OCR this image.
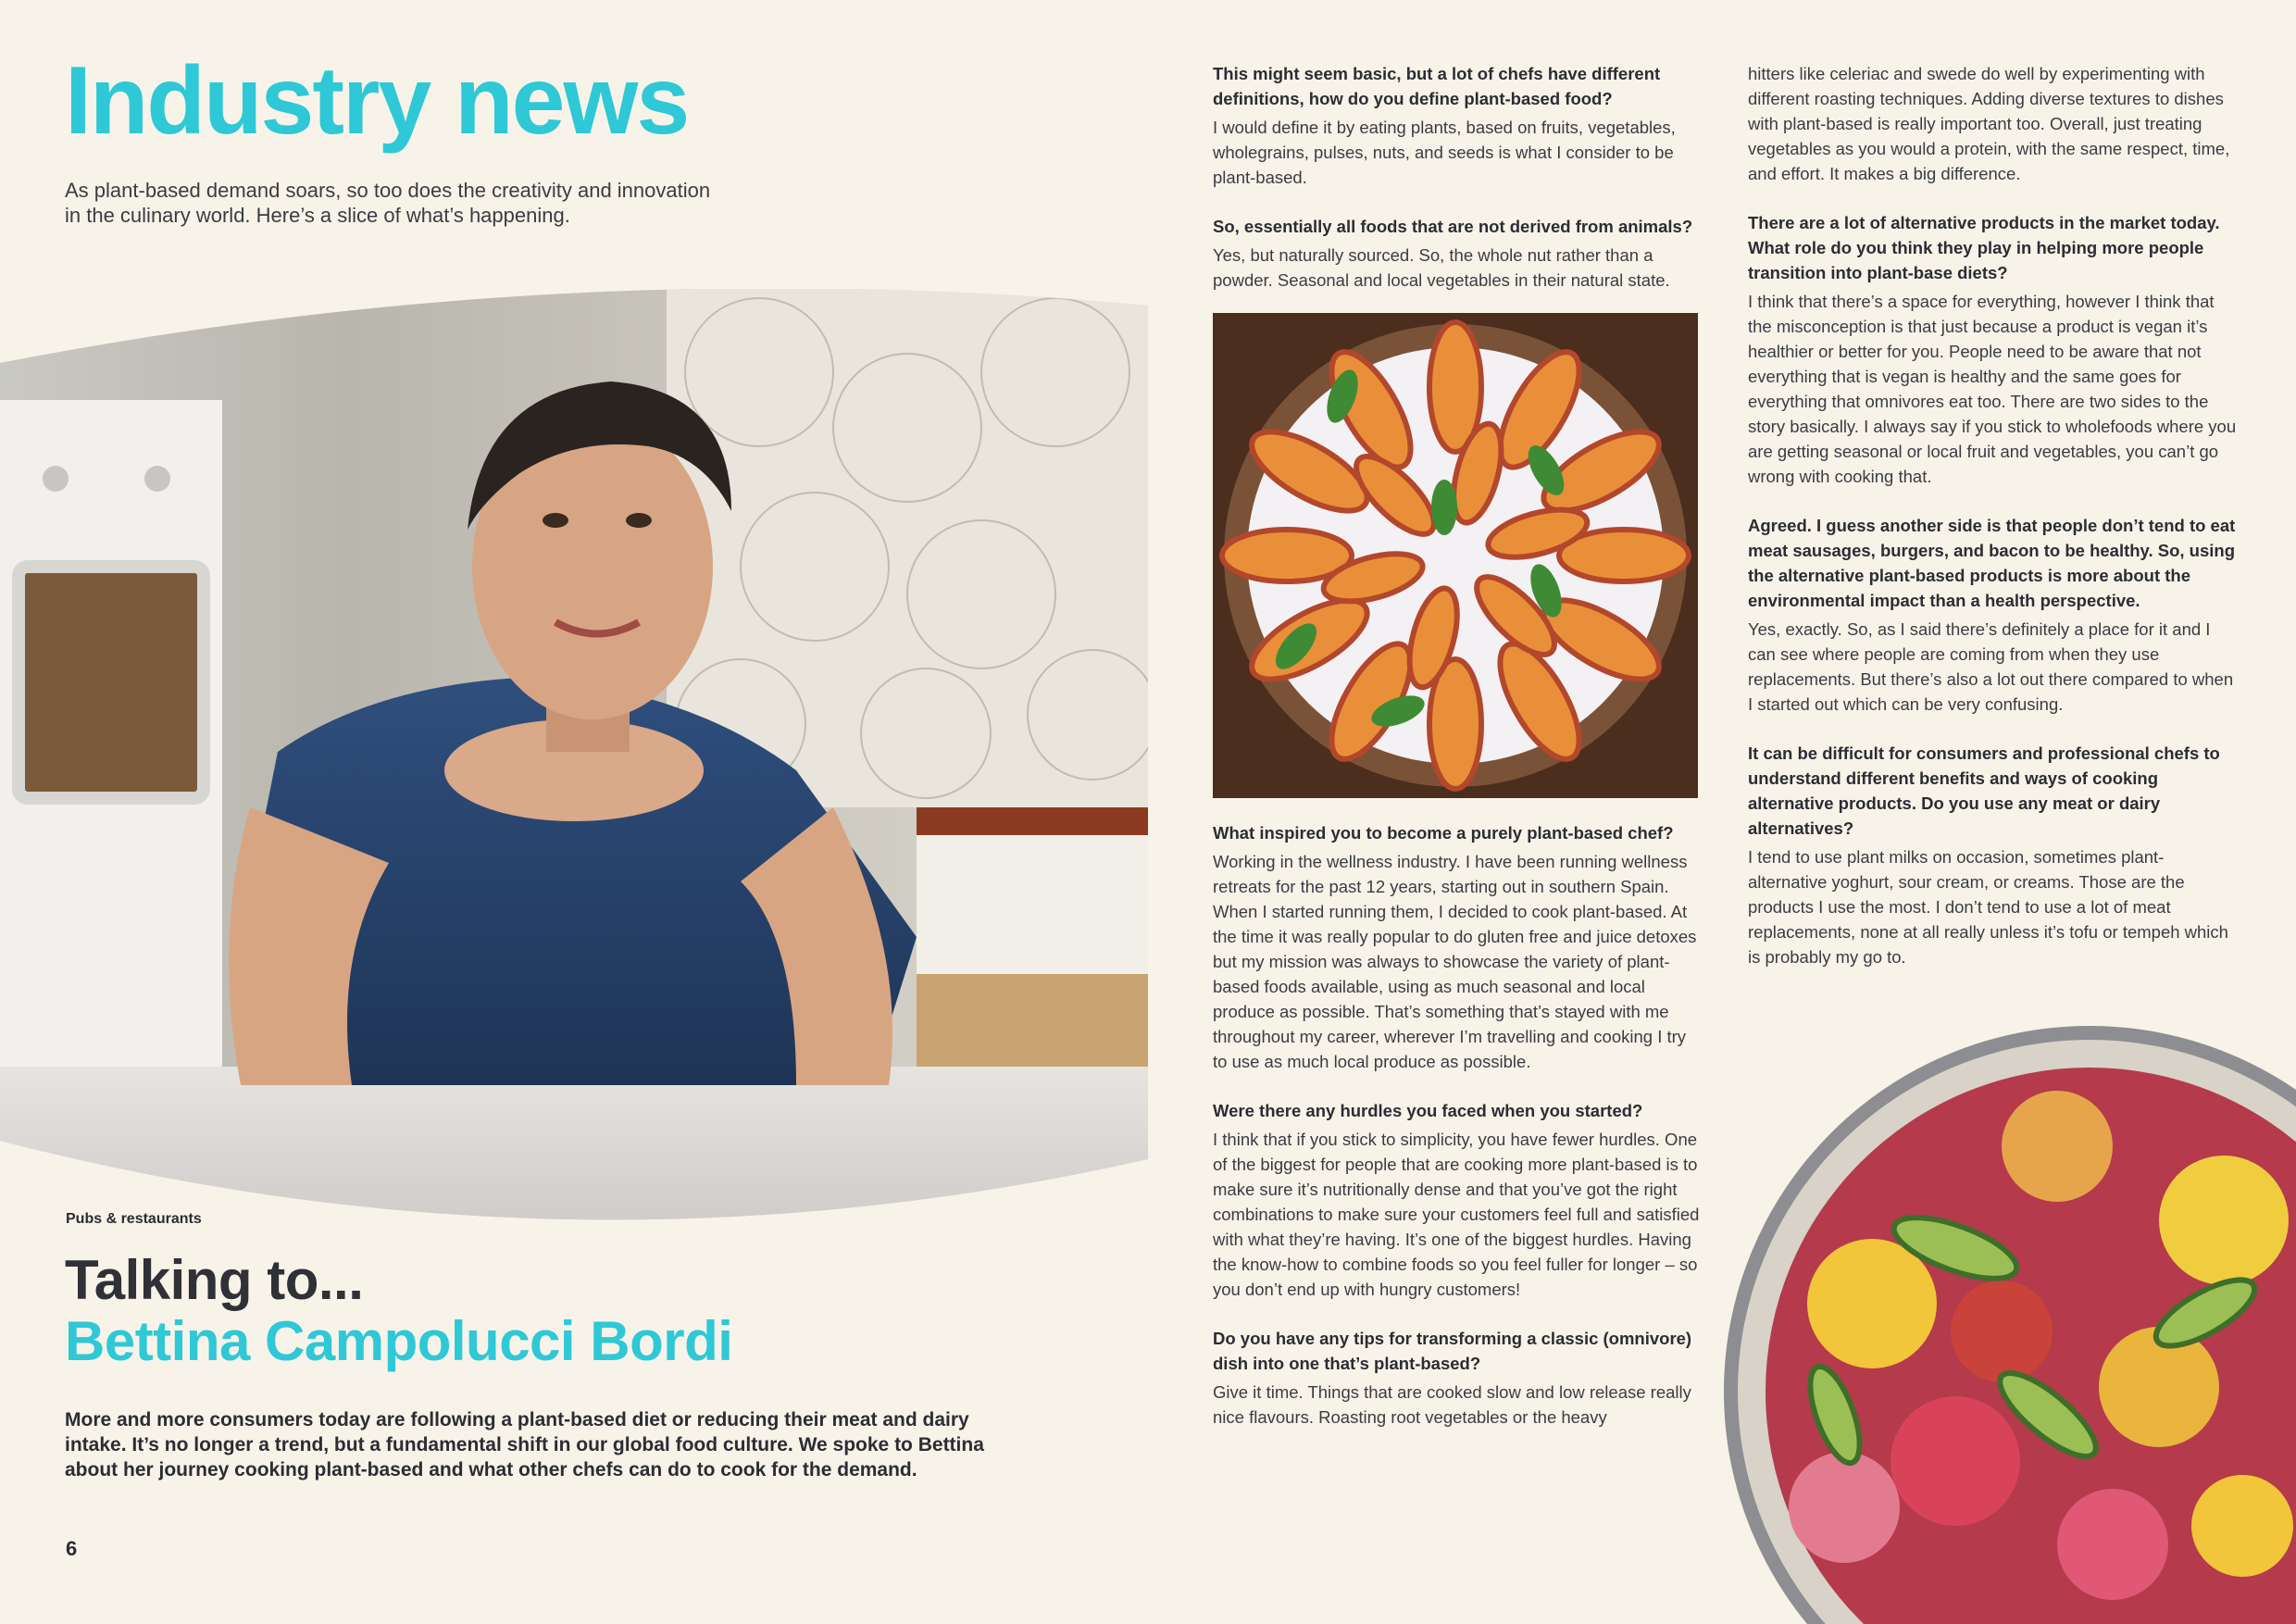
Industry news

As plant-based demand soars, so too does the creativity and innovation in the culinary world. Here’s a slice of what’s happening.

Pubs & restaurants

Talking to...
Bettina Campolucci Bordi

More and more consumers today are following a plant-based diet or reducing their meat and dairy intake. It’s no longer a trend, but a fundamental shift in our global food culture. We spoke to Bettina about her journey cooking plant-based and what other chefs can do to cook for the demand.

6

This might seem basic, but a lot of chefs have different definitions, how do you define plant-based food?

I would define it by eating plants, based on fruits, vegetables, wholegrains, pulses, nuts, and seeds is what I consider to be plant-based.

So, essentially all foods that are not derived from animals?

Yes, but naturally sourced. So, the whole nut rather than a powder. Seasonal and local vegetables in their natural state.

What inspired you to become a purely plant-based chef?

Working in the wellness industry. I have been running wellness retreats for the past 12 years, starting out in southern Spain. When I started running them, I decided to cook plant-based. At the time it was really popular to do gluten free and juice detoxes but my mission was always to showcase the variety of plant-based foods available, using as much seasonal and local produce as possible. That’s something that’s stayed with me throughout my career, wherever I’m travelling and cooking I try to use as much local produce as possible.

Were there any hurdles you faced when you started?

I think that if you stick to simplicity, you have fewer hurdles. One of the biggest for people that are cooking more plant-based is to make sure it’s nutritionally dense and that you’ve got the right combinations to make sure your customers feel full and satisfied with what they’re having. It’s one of the biggest hurdles. Having the know-how to combine foods so you feel fuller for longer – so you don’t end up with hungry customers!

Do you have any tips for transforming a classic (omnivore) dish into one that’s plant-based?

Give it time. Things that are cooked slow and low release really nice flavours. Roasting root vegetables or the heavy

hitters like celeriac and swede do well by experimenting with different roasting techniques. Adding diverse textures to dishes with plant-based is really important too. Overall, just treating vegetables as you would a protein, with the same respect, time, and effort. It makes a big difference.

There are a lot of alternative products in the market today. What role do you think they play in helping more people transition into plant-base diets?

I think that there’s a space for everything, however I think that the misconception is that just because a product is vegan it’s healthier or better for you. People need to be aware that not everything that is vegan is healthy and the same goes for everything that omnivores eat too. There are two sides to the story basically. I always say if you stick to wholefoods where you are getting seasonal or local fruit and vegetables, you can’t go wrong with cooking that.

Agreed. I guess another side is that people don’t tend to eat meat sausages, burgers, and bacon to be healthy. So, using the alternative plant-based products is more about the environmental impact than a health perspective.

Yes, exactly. So, as I said there’s definitely a place for it and I can see where people are coming from when they use replacements. But there’s also a lot out there compared to when I started out which can be very confusing.

It can be difficult for consumers and professional chefs to understand different benefits and ways of cooking alternative products. Do you use any meat or dairy alternatives?

I tend to use plant milks on occasion, sometimes plant-alternative yoghurt, sour cream, or creams. Those are the products I use the most. I don’t tend to use a lot of meat replacements, none at all really unless it’s tofu or tempeh which is probably my go to.
